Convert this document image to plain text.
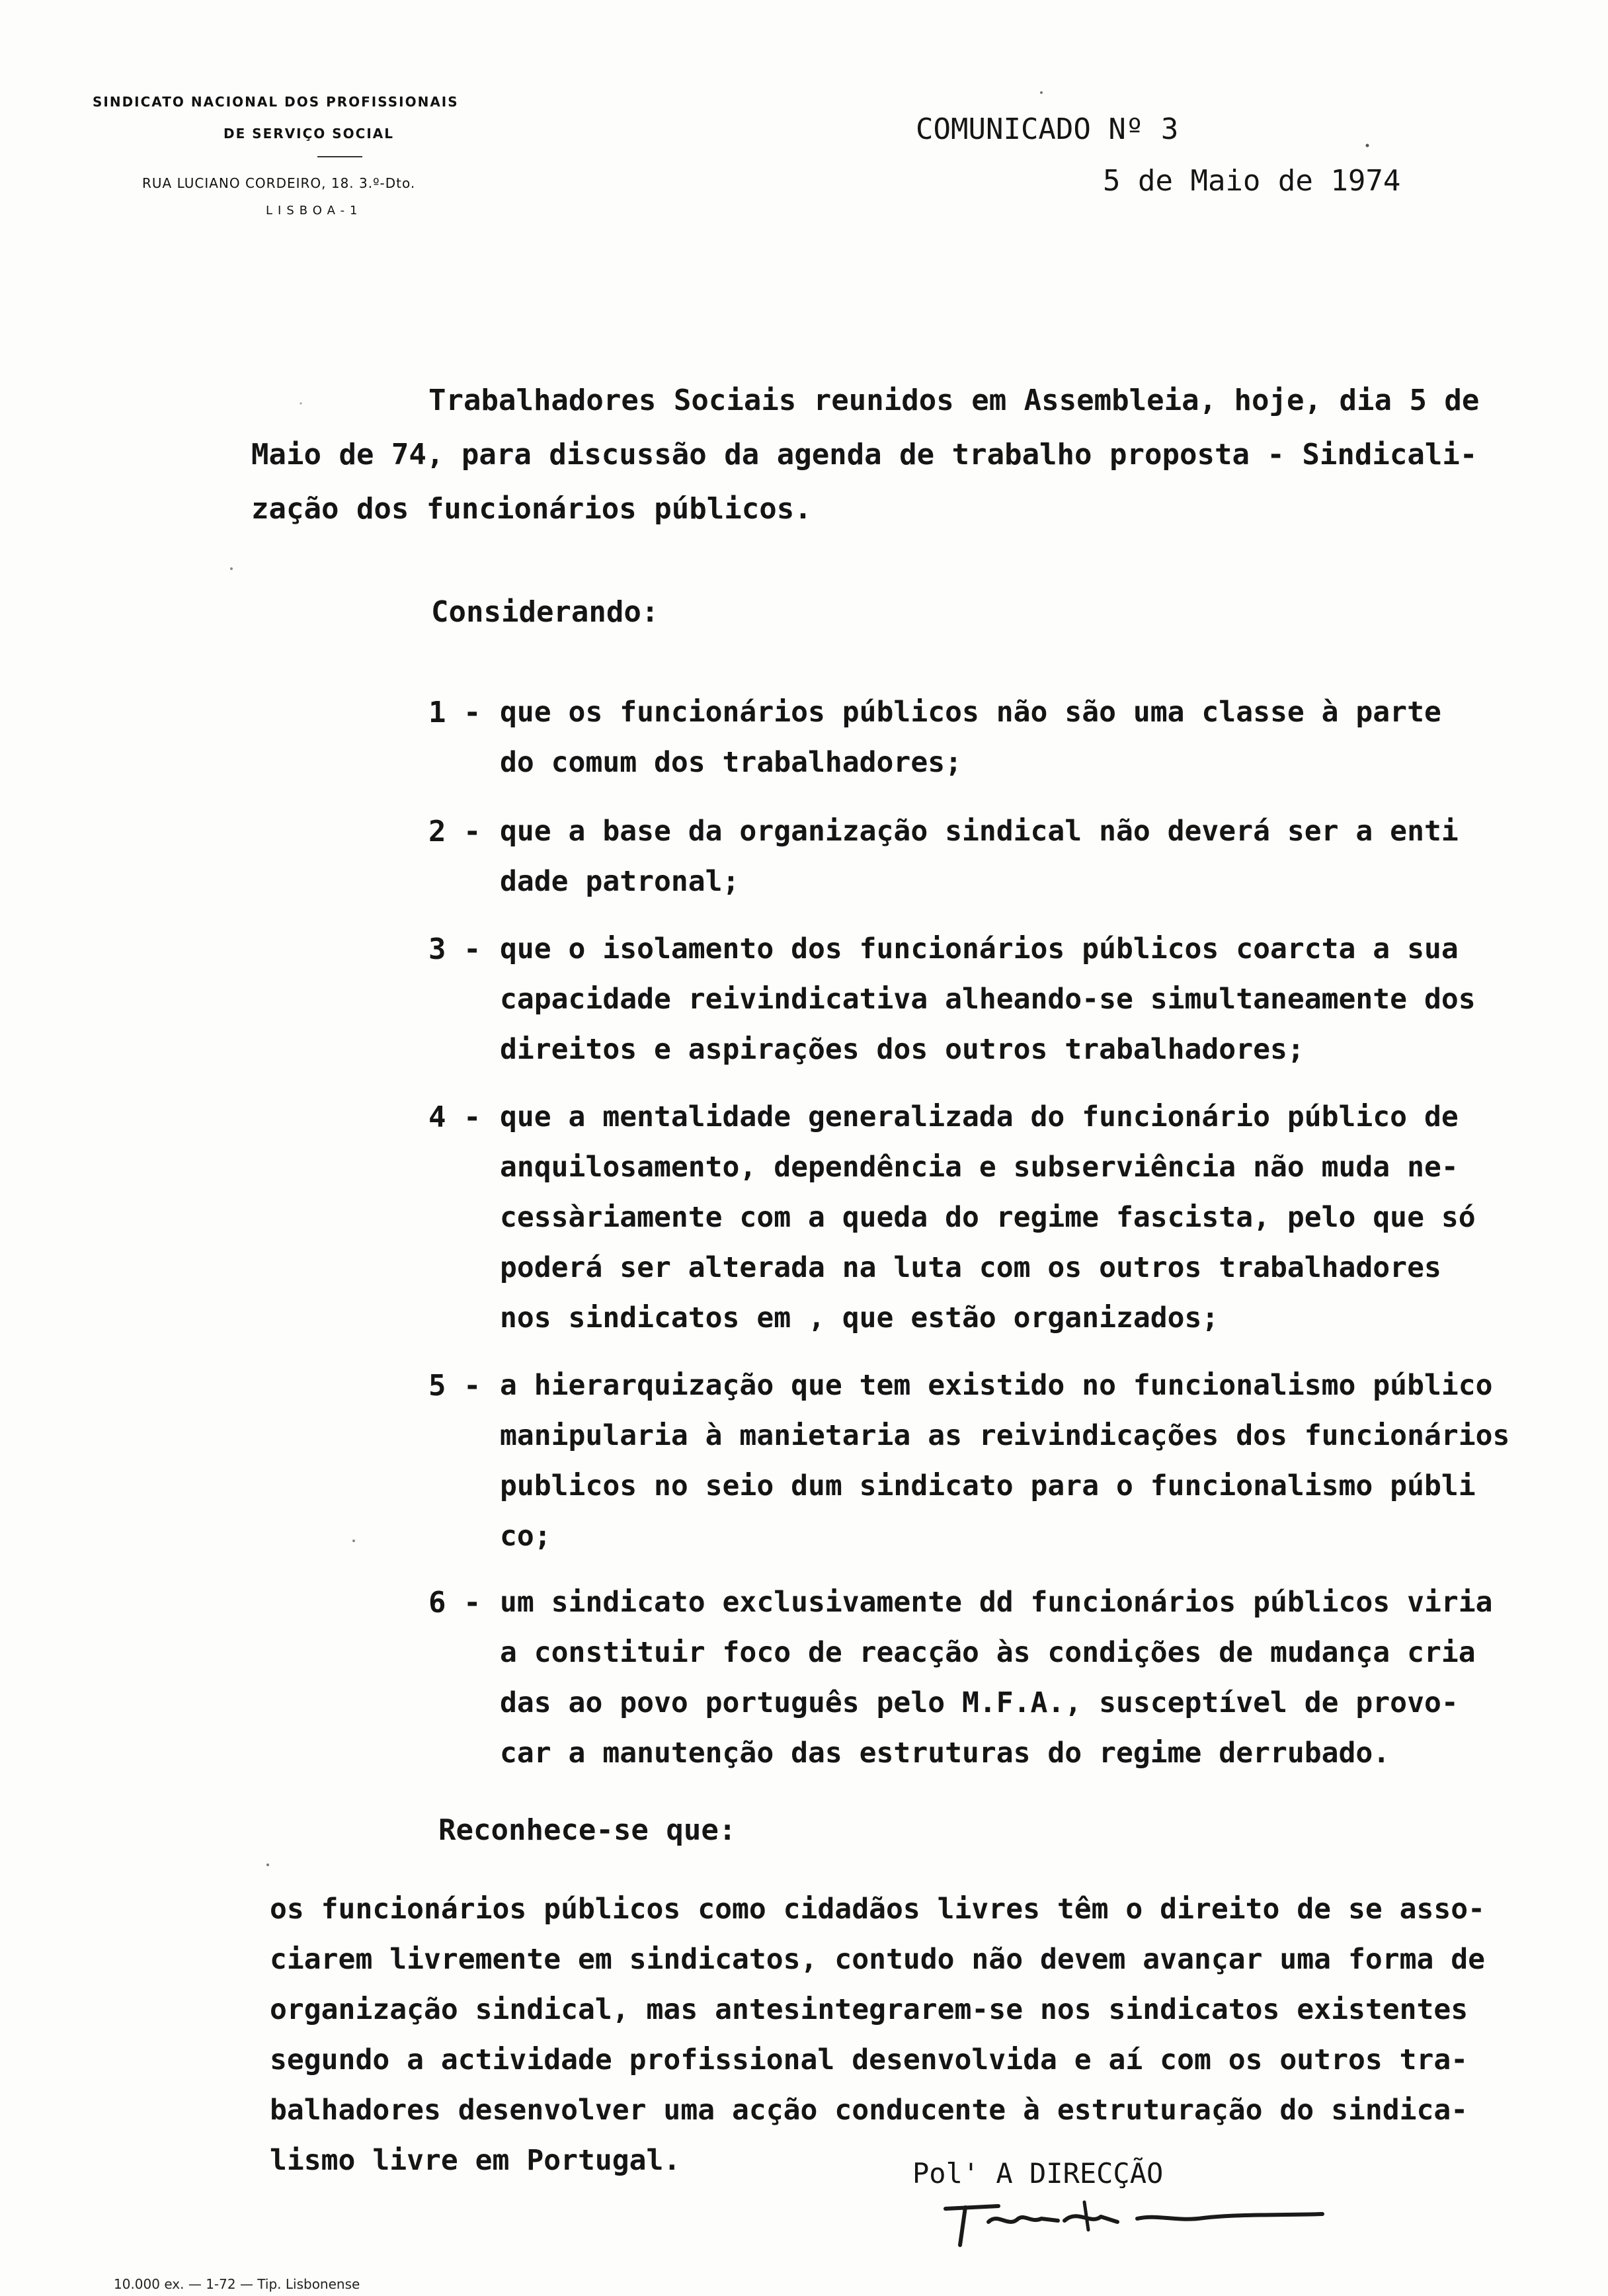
SINDICATO NACIONAL DOS PROFISSIONAIS
DE SERVIÇO SOCIAL
RUA LUCIANO CORDEIRO, 18. 3.º-Dto.
LISBOA-1
COMUNICADO Nº 3
5 de Maio de 1974
Trabalhadores Sociais reunidos em Assembleia, hoje, dia 5 de
Maio de 74, para discussão da agenda de trabalho proposta - Sindicali-
zação dos funcionários públicos.
Considerando:
1 - que os funcionários públicos não são uma classe à parte
do comum dos trabalhadores;
2 - que a base da organização sindical não deverá ser a enti
dade patronal;
3 - que o isolamento dos funcionários públicos coarcta a sua
capacidade reivindicativa alheando-se simultaneamente dos
direitos e aspirações dos outros trabalhadores;
4 - que a mentalidade generalizada do funcionário público de
anquilosamento, dependência e subserviência não muda ne-
cessàriamente com a queda do regime fascista, pelo que só
poderá ser alterada na luta com os outros trabalhadores
nos sindicatos em , que estão organizados;
5 - a hierarquização que tem existido no funcionalismo público
manipularia à manietaria as reivindicações dos funcionários
publicos no seio dum sindicato para o funcionalismo públi
co;
6 - um sindicato exclusivamente dd funcionários públicos viria
a constituir foco de reacção às condições de mudança cria
das ao povo português pelo M.F.A., susceptível de provo-
car a manutenção das estruturas do regime derrubado.
Reconhece-se que:
os funcionários públicos como cidadãos livres têm o direito de se asso-
ciarem livremente em sindicatos, contudo não devem avançar uma forma de
organização sindical, mas antesintegrarem-se nos sindicatos existentes
segundo a actividade profissional desenvolvida e aí com os outros tra-
balhadores desenvolver uma acção conducente à estruturação do sindica-
lismo livre em Portugal.	Pol' A DIRECÇÃO
10.000 ex. — 1-72 — Tip. Lisbonense
